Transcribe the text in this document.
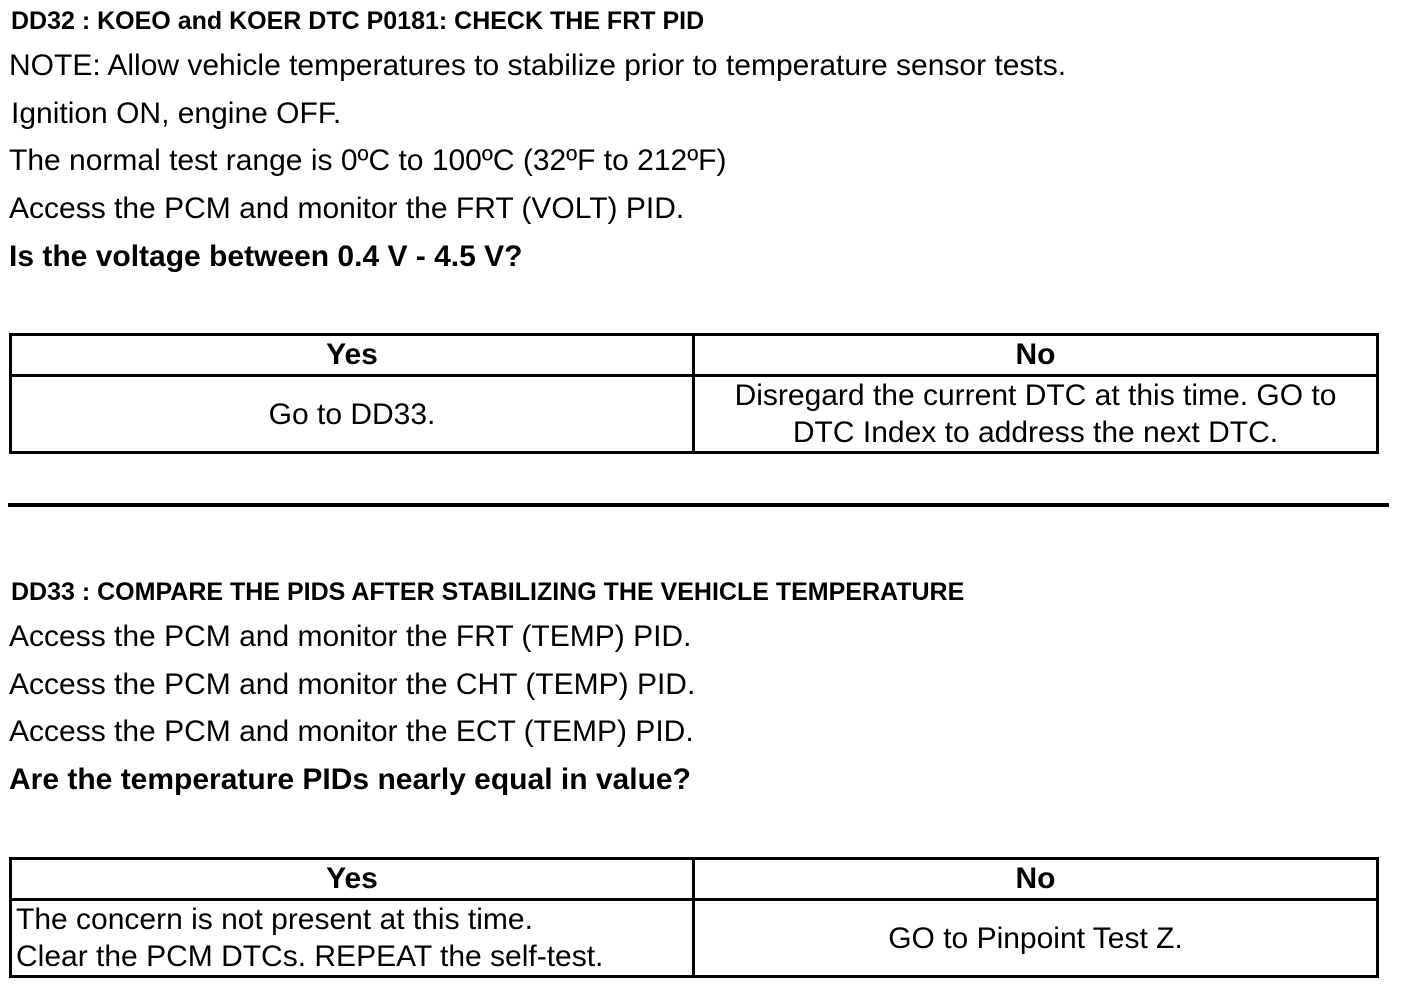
DD32 : KOEO and KOER DTC P0181: CHECK THE FRT PID
NOTE: Allow vehicle temperatures to stabilize prior to temperature sensor tests.
Ignition ON, engine OFF.
The normal test range is 0ºC to 100ºC (32ºF to 212ºF)
Access the PCM and monitor the FRT (VOLT) PID.
Is the voltage between 0.4 V - 4.5 V?
Yes	No
Go to DD33.	Disregard the current DTC at this time. GO to
DTC Index to address the next DTC.
DD33 : COMPARE THE PIDS AFTER STABILIZING THE VEHICLE TEMPERATURE
Access the PCM and monitor the FRT (TEMP) PID.
Access the PCM and monitor the CHT (TEMP) PID.
Access the PCM and monitor the ECT (TEMP) PID.
Are the temperature PIDs nearly equal in value?
Yes	No

The concern is not present at this time.
Clear the PCM DTCs. REPEAT the self-test.	GO to Pinpoint Test Z.
